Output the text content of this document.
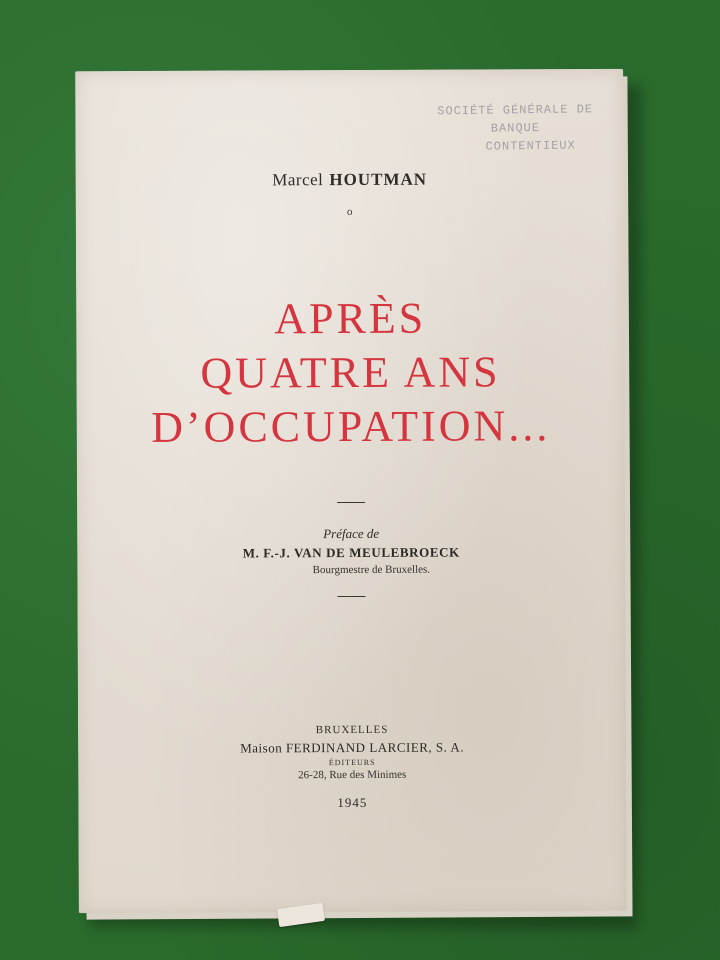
SOCIÉTÉ GÉNÉRALE DE BANQUE
CONTENTIEUX
Marcel HOUTMAN
o
APRÈS
QUATRE ANS
D’OCCUPATION...
Préface de
M. F.-J. VAN DE MEULEBROECK
Bourgmestre de Bruxelles.
BRUXELLES
Maison FERDINAND LARCIER, S. A.
ÉDITEURS
26-28, Rue des Minimes
1945
